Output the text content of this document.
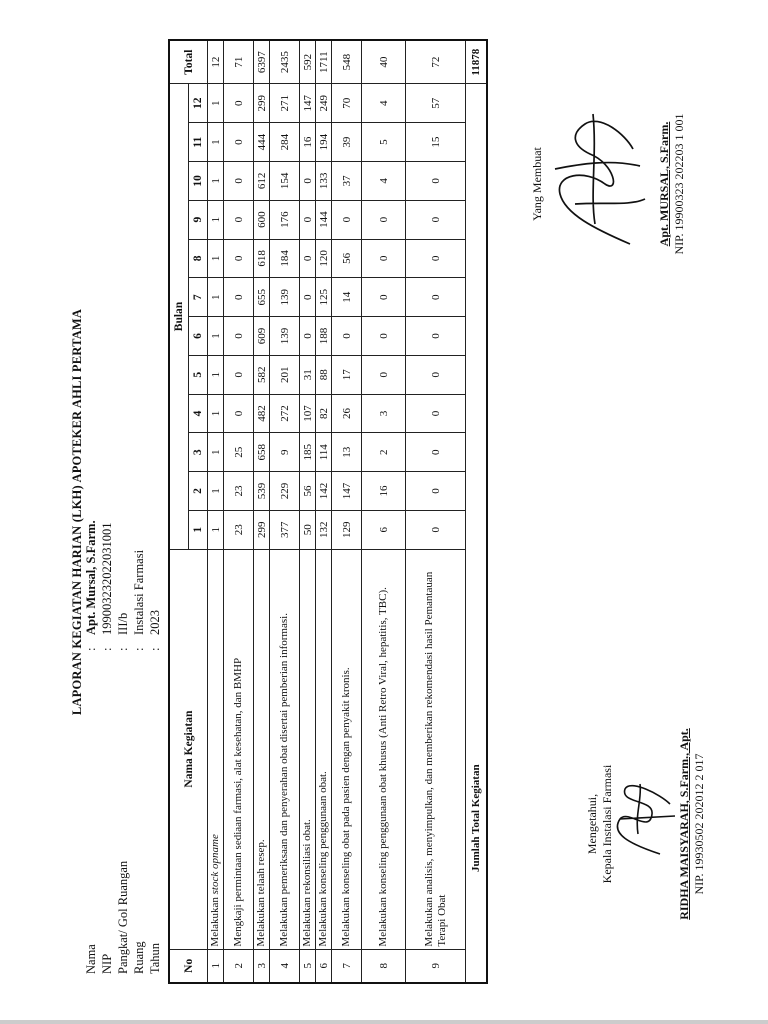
LAPORAN KEGIATAN HARIAN (LKH) APOTEKER AHLI PERTAMA
Nama
:
Apt. Mursal, S.Farm.
NIP
:
199003232022031001
Pangkat/ Gol Ruangan
:
III/b
Ruang
:
Instalasi Farmasi
Tahun
:
2023
No	Nama Kegiatan	Bulan												Total
		1	2	3	4	5	6	7	8	9	10	11	12	
1	Melakukan stock opname	1	1	1	1	1	1	1	1	1	1	1	1	12
2	Mengkaji permintaan sediaan farmasi, alat kesehatan, dan BMHP	23	23	25	0	0	0	0	0	0	0	0	0	71
3	Melakukan telaah resep.	299	539	658	482	582	609	655	618	600	612	444	299	6397
4	Melakukan pemeriksaan dan penyerahan obat disertai pemberian informasi.	377	229	9	272	201	139	139	184	176	154	284	271	2435
5	Melakukan rekonsiliasi obat.	50	56	185	107	31	0	0	0	0	0	16	147	592
6	Melakukan konseling penggunaan obat.	132	142	114	82	88	188	125	120	144	133	194	249	1711
7	Melakukan konseling obat pada pasien dengan penyakit kronis.	129	147	13	26	17	0	14	56	0	37	39	70	548
8	Melakukan konseling penggunaan obat khusus (Anti Retro Viral, hepatitis, TBC).	6	16	2	3	0	0	0	0	0	4	5	4	40
9	Melakukan analisis, menyimpulkan, dan memberikan rekomendasi hasil Pemantauan Terapi Obat	0	0	0	0	0	0	0	0	0	0	15	57	72
Jumlah Total Kegiatan														11878
Mengetahui, Kepala Instalasi Farmasi	RIDHA MAISYARAH, S.Farm., Apt. NIP. 19930502 202012 2 017
Yang Membuat	Apt. MURSAL, S.Farm. NIP. 19900323 202203 1 001
